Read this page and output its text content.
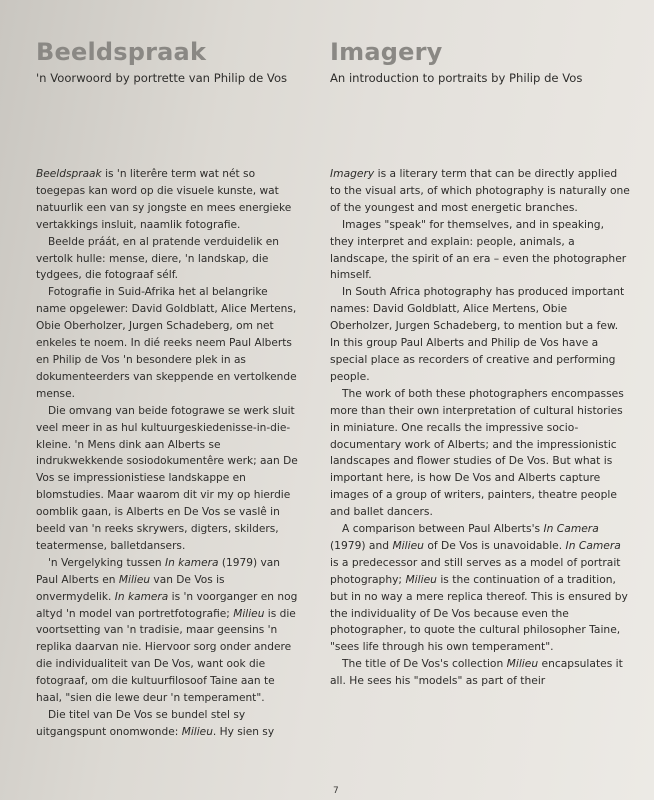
Beeldspraak
'n Voorwoord by portrette van Philip de Vos

Beeldspraak is 'n literêre term wat nét so toegepas kan word op die visuele kunste, wat natuurlik een van sy jongste en mees energieke vertakkings insluit, naamlik fotografie.

Beelde práát, en al pratende verduidelik en vertolk hulle: mense, diere, 'n landskap, die tydgees, die fotograaf sélf.

Fotografie in Suid-Afrika het al belangrike name opgelewer: David Goldblatt, Alice Mertens, Obie Oberholzer, Jurgen Schadeberg, om net enkeles te noem. In dié reeks neem Paul Alberts en Philip de Vos 'n besondere plek in as dokumenteerders van skeppende en vertolkende mense.

Die omvang van beide fotograwe se werk sluit veel meer in as hul kultuurgeskiedenisse-in-die-kleine. 'n Mens dink aan Alberts se indrukwekkende sosiodokumentêre werk; aan De Vos se impressionistiese landskappe en blomstudies. Maar waarom dit vir my op hierdie oomblik gaan, is Alberts en De Vos se vaslê in beeld van 'n reeks skrywers, digters, skilders, teatermense, balletdansers.

'n Vergelyking tussen In kamera (1979) van Paul Alberts en Milieu van De Vos is onvermydelik. In kamera is 'n voorganger en nog altyd 'n model van portretfotografie; Milieu is die voortsetting van 'n tradisie, maar geensins 'n replika daarvan nie. Hiervoor sorg onder andere die individualiteit van De Vos, want ook die fotograaf, om die kultuurfilosoof Taine aan te haal, "sien die lewe deur 'n temperament".

Die titel van De Vos se bundel stel sy uitgangspunt onomwonde: Milieu. Hy sien sy

Imagery
An introduction to portraits by Philip de Vos

Imagery is a literary term that can be directly applied to the visual arts, of which photography is naturally one of the youngest and most energetic branches.

Images "speak" for themselves, and in speaking, they interpret and explain: people, animals, a landscape, the spirit of an era – even the photographer himself.

In South Africa photography has produced important names: David Goldblatt, Alice Mertens, Obie Oberholzer, Jurgen Schadeberg, to mention but a few. In this group Paul Alberts and Philip de Vos have a special place as recorders of creative and performing people.

The work of both these photographers encompasses more than their own interpretation of cultural histories in miniature. One recalls the impressive socio-documentary work of Alberts; and the impressionistic landscapes and flower studies of De Vos. But what is important here, is how De Vos and Alberts capture images of a group of writers, painters, theatre people and ballet dancers.

A comparison between Paul Alberts's In Camera (1979) and Milieu of De Vos is unavoidable. In Camera is a predecessor and still serves as a model of portrait photography; Milieu is the continuation of a tradition, but in no way a mere replica thereof. This is ensured by the individuality of De Vos because even the photographer, to quote the cultural philosopher Taine, "sees life through his own temperament".

The title of De Vos's collection Milieu encapsulates it all. He sees his "models" as part of their

7
